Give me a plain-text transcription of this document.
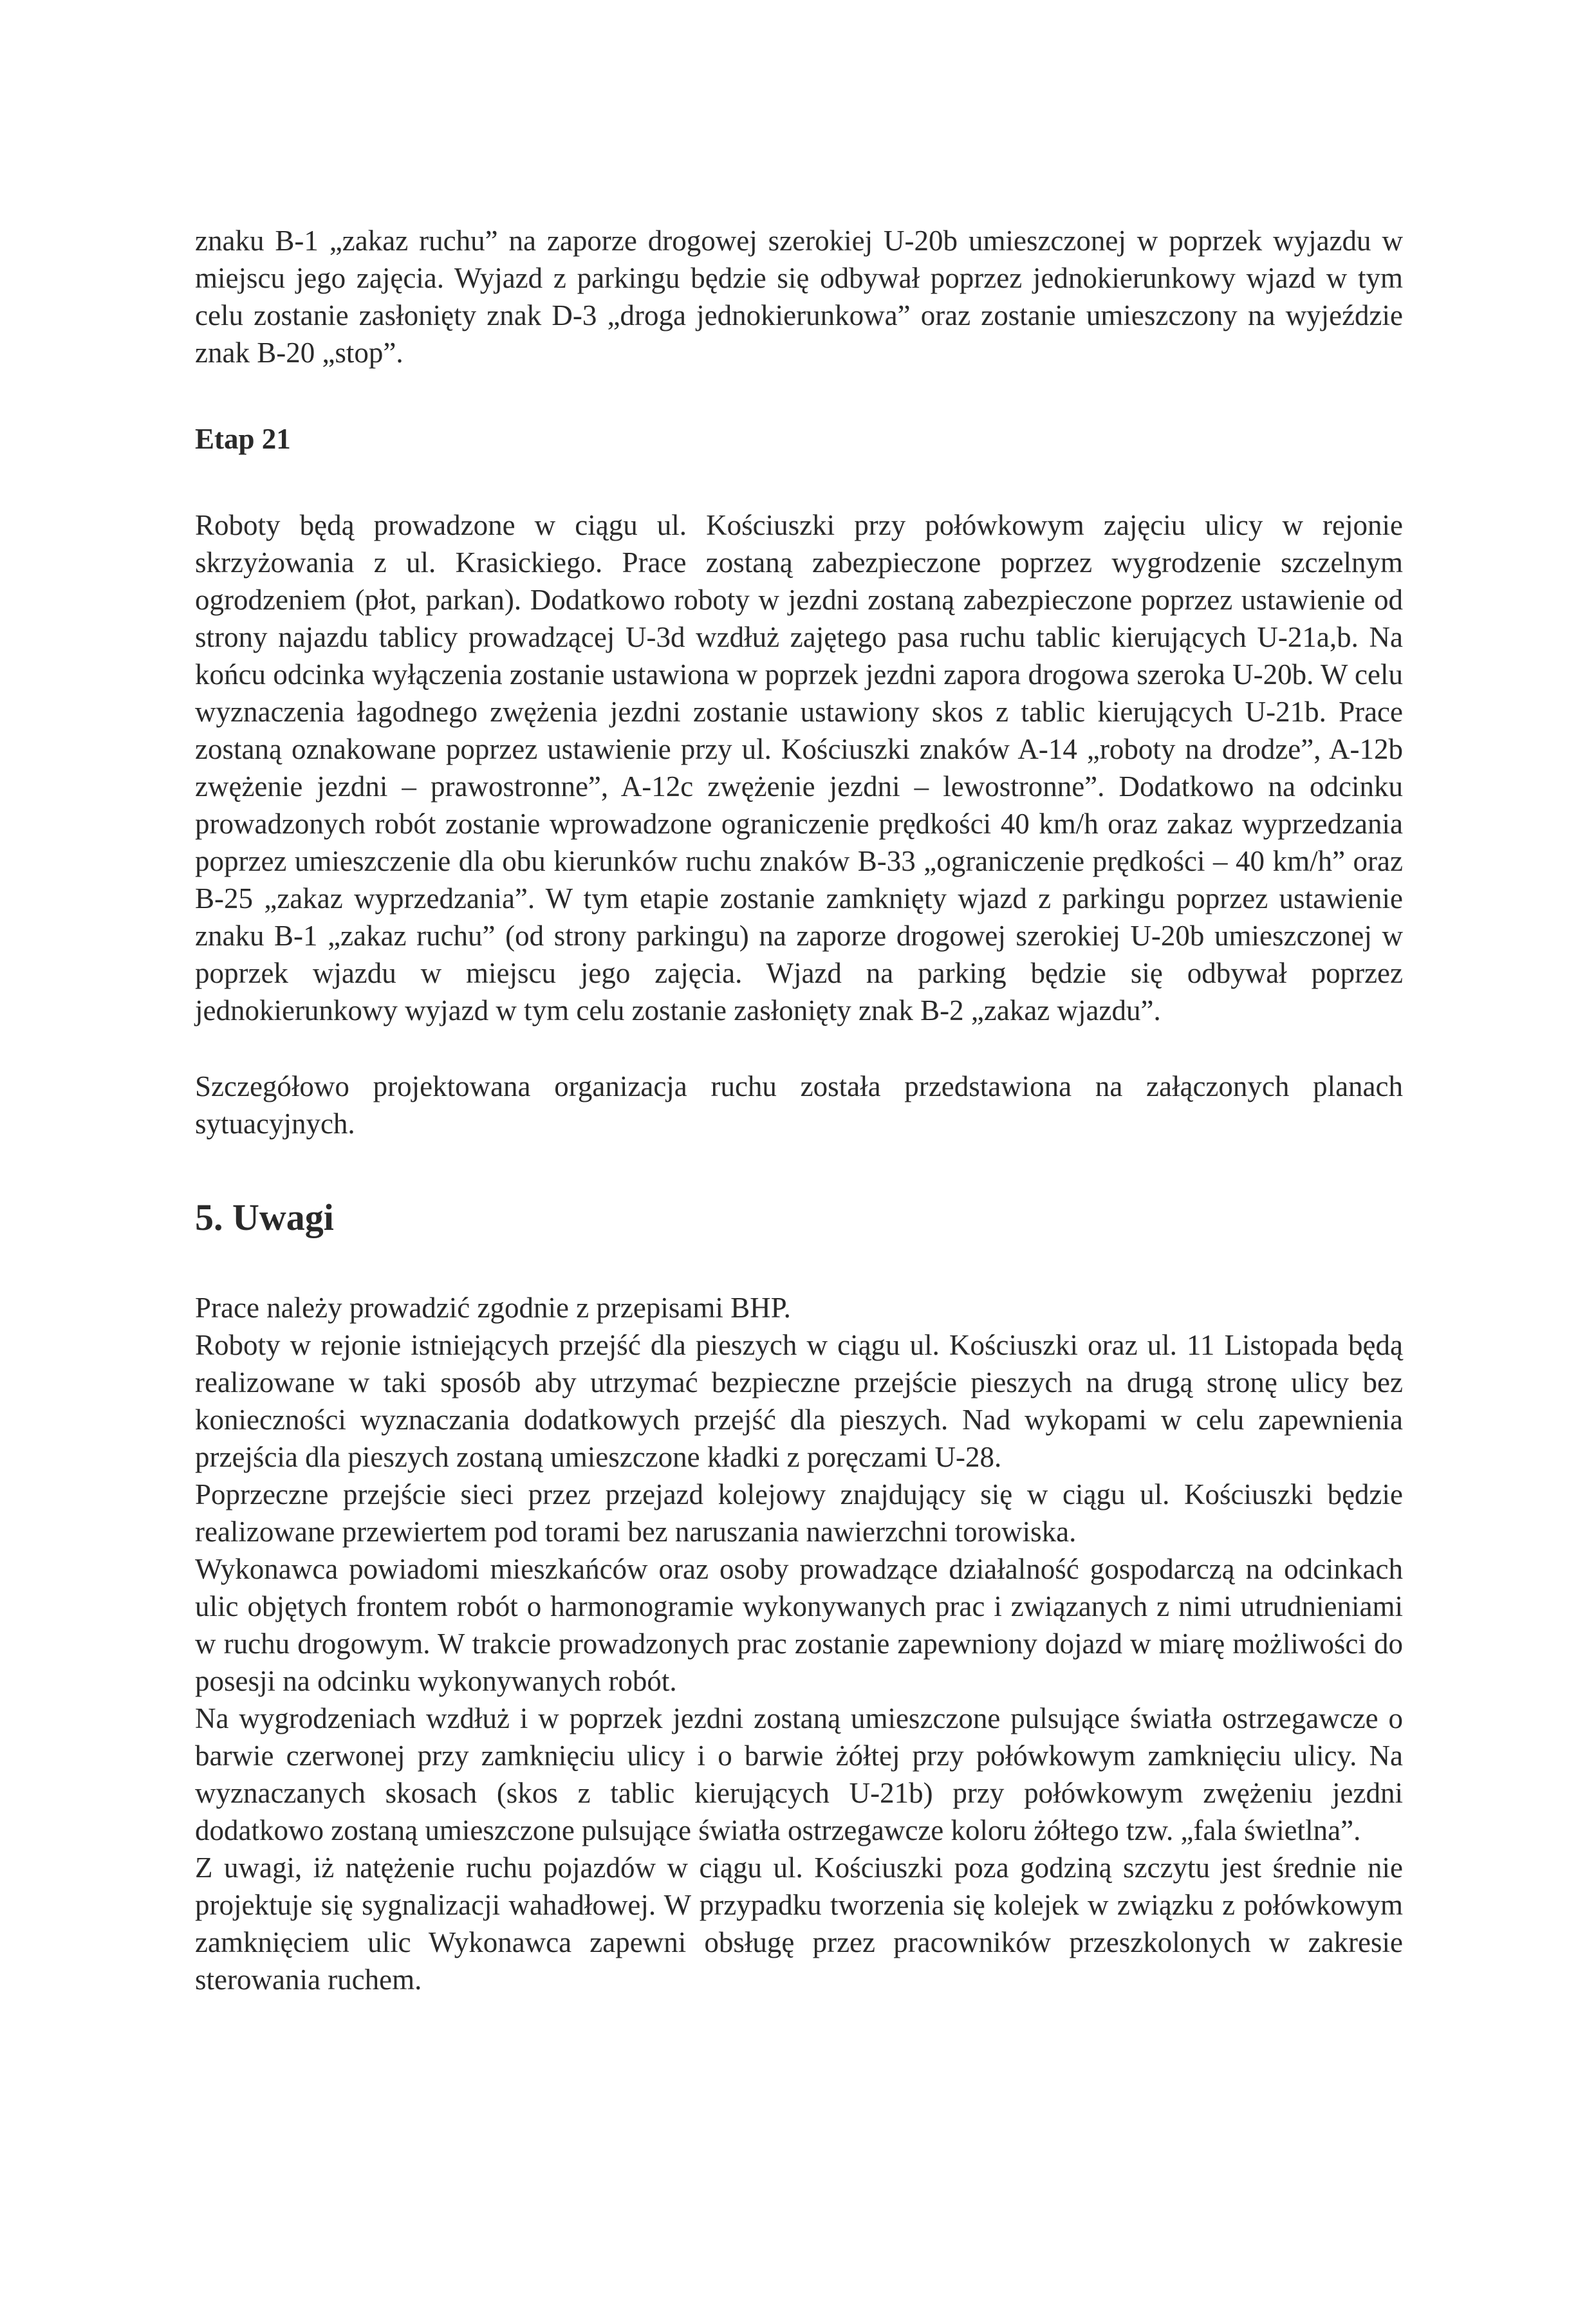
znaku B-1 „zakaz ruchu” na zaporze drogowej szerokiej U-20b umieszczonej w poprzek wyjazdu w miejscu jego zajęcia. Wyjazd z parkingu będzie się odbywał poprzez jednokierunkowy wjazd w tym celu zostanie zasłonięty znak D-3 „droga jednokierunkowa” oraz zostanie umieszczony na wyjeździe znak B-20 „stop”.

Etap 21

Roboty będą prowadzone w ciągu ul. Kościuszki przy połówkowym zajęciu ulicy w rejonie skrzyżowania z ul. Krasickiego. Prace zostaną zabezpieczone poprzez wygrodzenie szczelnym ogrodzeniem (płot, parkan). Dodatkowo roboty w jezdni zostaną zabezpieczone poprzez ustawienie od strony najazdu tablicy prowadzącej U-3d wzdłuż zajętego pasa ruchu tablic kierujących U-21a,b. Na końcu odcinka wyłączenia zostanie ustawiona w poprzek jezdni zapora drogowa szeroka U-20b. W celu wyznaczenia łagodnego zwężenia jezdni zostanie ustawiony skos z tablic kierujących U-21b. Prace zostaną oznakowane poprzez ustawienie przy ul. Kościuszki znaków A-14 „roboty na drodze”, A-12b zwężenie jezdni – prawostronne”, A-12c zwężenie jezdni – lewostronne”. Dodatkowo na odcinku prowadzonych robót zostanie wprowadzone ograniczenie prędkości 40 km/h oraz zakaz wyprzedzania poprzez umieszczenie dla obu kierunków ruchu znaków B-33 „ograniczenie prędkości – 40 km/h” oraz B-25 „zakaz wyprzedzania”. W tym etapie zostanie zamknięty wjazd z parkingu poprzez ustawienie znaku B-1 „zakaz ruchu” (od strony parkingu) na zaporze drogowej szerokiej U-20b umieszczonej w poprzek wjazdu w miejscu jego zajęcia. Wjazd na parking będzie się odbywał poprzez jednokierunkowy wyjazd w tym celu zostanie zasłonięty znak B-2 „zakaz wjazdu”.

Szczegółowo projektowana organizacja ruchu została przedstawiona na załączonych planach sytuacyjnych.

5. Uwagi

Prace należy prowadzić zgodnie z przepisami BHP.

Roboty w rejonie istniejących przejść dla pieszych w ciągu ul. Kościuszki oraz ul. 11 Listopada będą realizowane w taki sposób aby utrzymać bezpieczne przejście pieszych na drugą stronę ulicy bez konieczności wyznaczania dodatkowych przejść dla pieszych. Nad wykopami w celu zapewnienia przejścia dla pieszych zostaną umieszczone kładki z poręczami U-28.

Poprzeczne przejście sieci przez przejazd kolejowy znajdujący się w ciągu ul. Kościuszki będzie realizowane przewiertem pod torami bez naruszania nawierzchni torowiska.

Wykonawca powiadomi mieszkańców oraz osoby prowadzące działalność gospodarczą na odcinkach ulic objętych frontem robót o harmonogramie wykonywanych prac i związanych z nimi utrudnieniami w ruchu drogowym. W trakcie prowadzonych prac zostanie zapewniony dojazd w miarę możliwości do posesji na odcinku wykonywanych robót.

Na wygrodzeniach wzdłuż i w poprzek jezdni zostaną umieszczone pulsujące światła ostrzegawcze o barwie czerwonej przy zamknięciu ulicy i o barwie żółtej przy połówkowym zamknięciu ulicy. Na wyznaczanych skosach (skos z tablic kierujących U-21b) przy połówkowym zwężeniu jezdni dodatkowo zostaną umieszczone pulsujące światła ostrzegawcze koloru żółtego tzw. „fala świetlna”.

Z uwagi, iż natężenie ruchu pojazdów w ciągu ul. Kościuszki poza godziną szczytu jest średnie nie projektuje się sygnalizacji wahadłowej. W przypadku tworzenia się kolejek w związku z połówkowym zamknięciem ulic Wykonawca zapewni obsługę przez pracowników przeszkolonych w zakresie sterowania ruchem.
